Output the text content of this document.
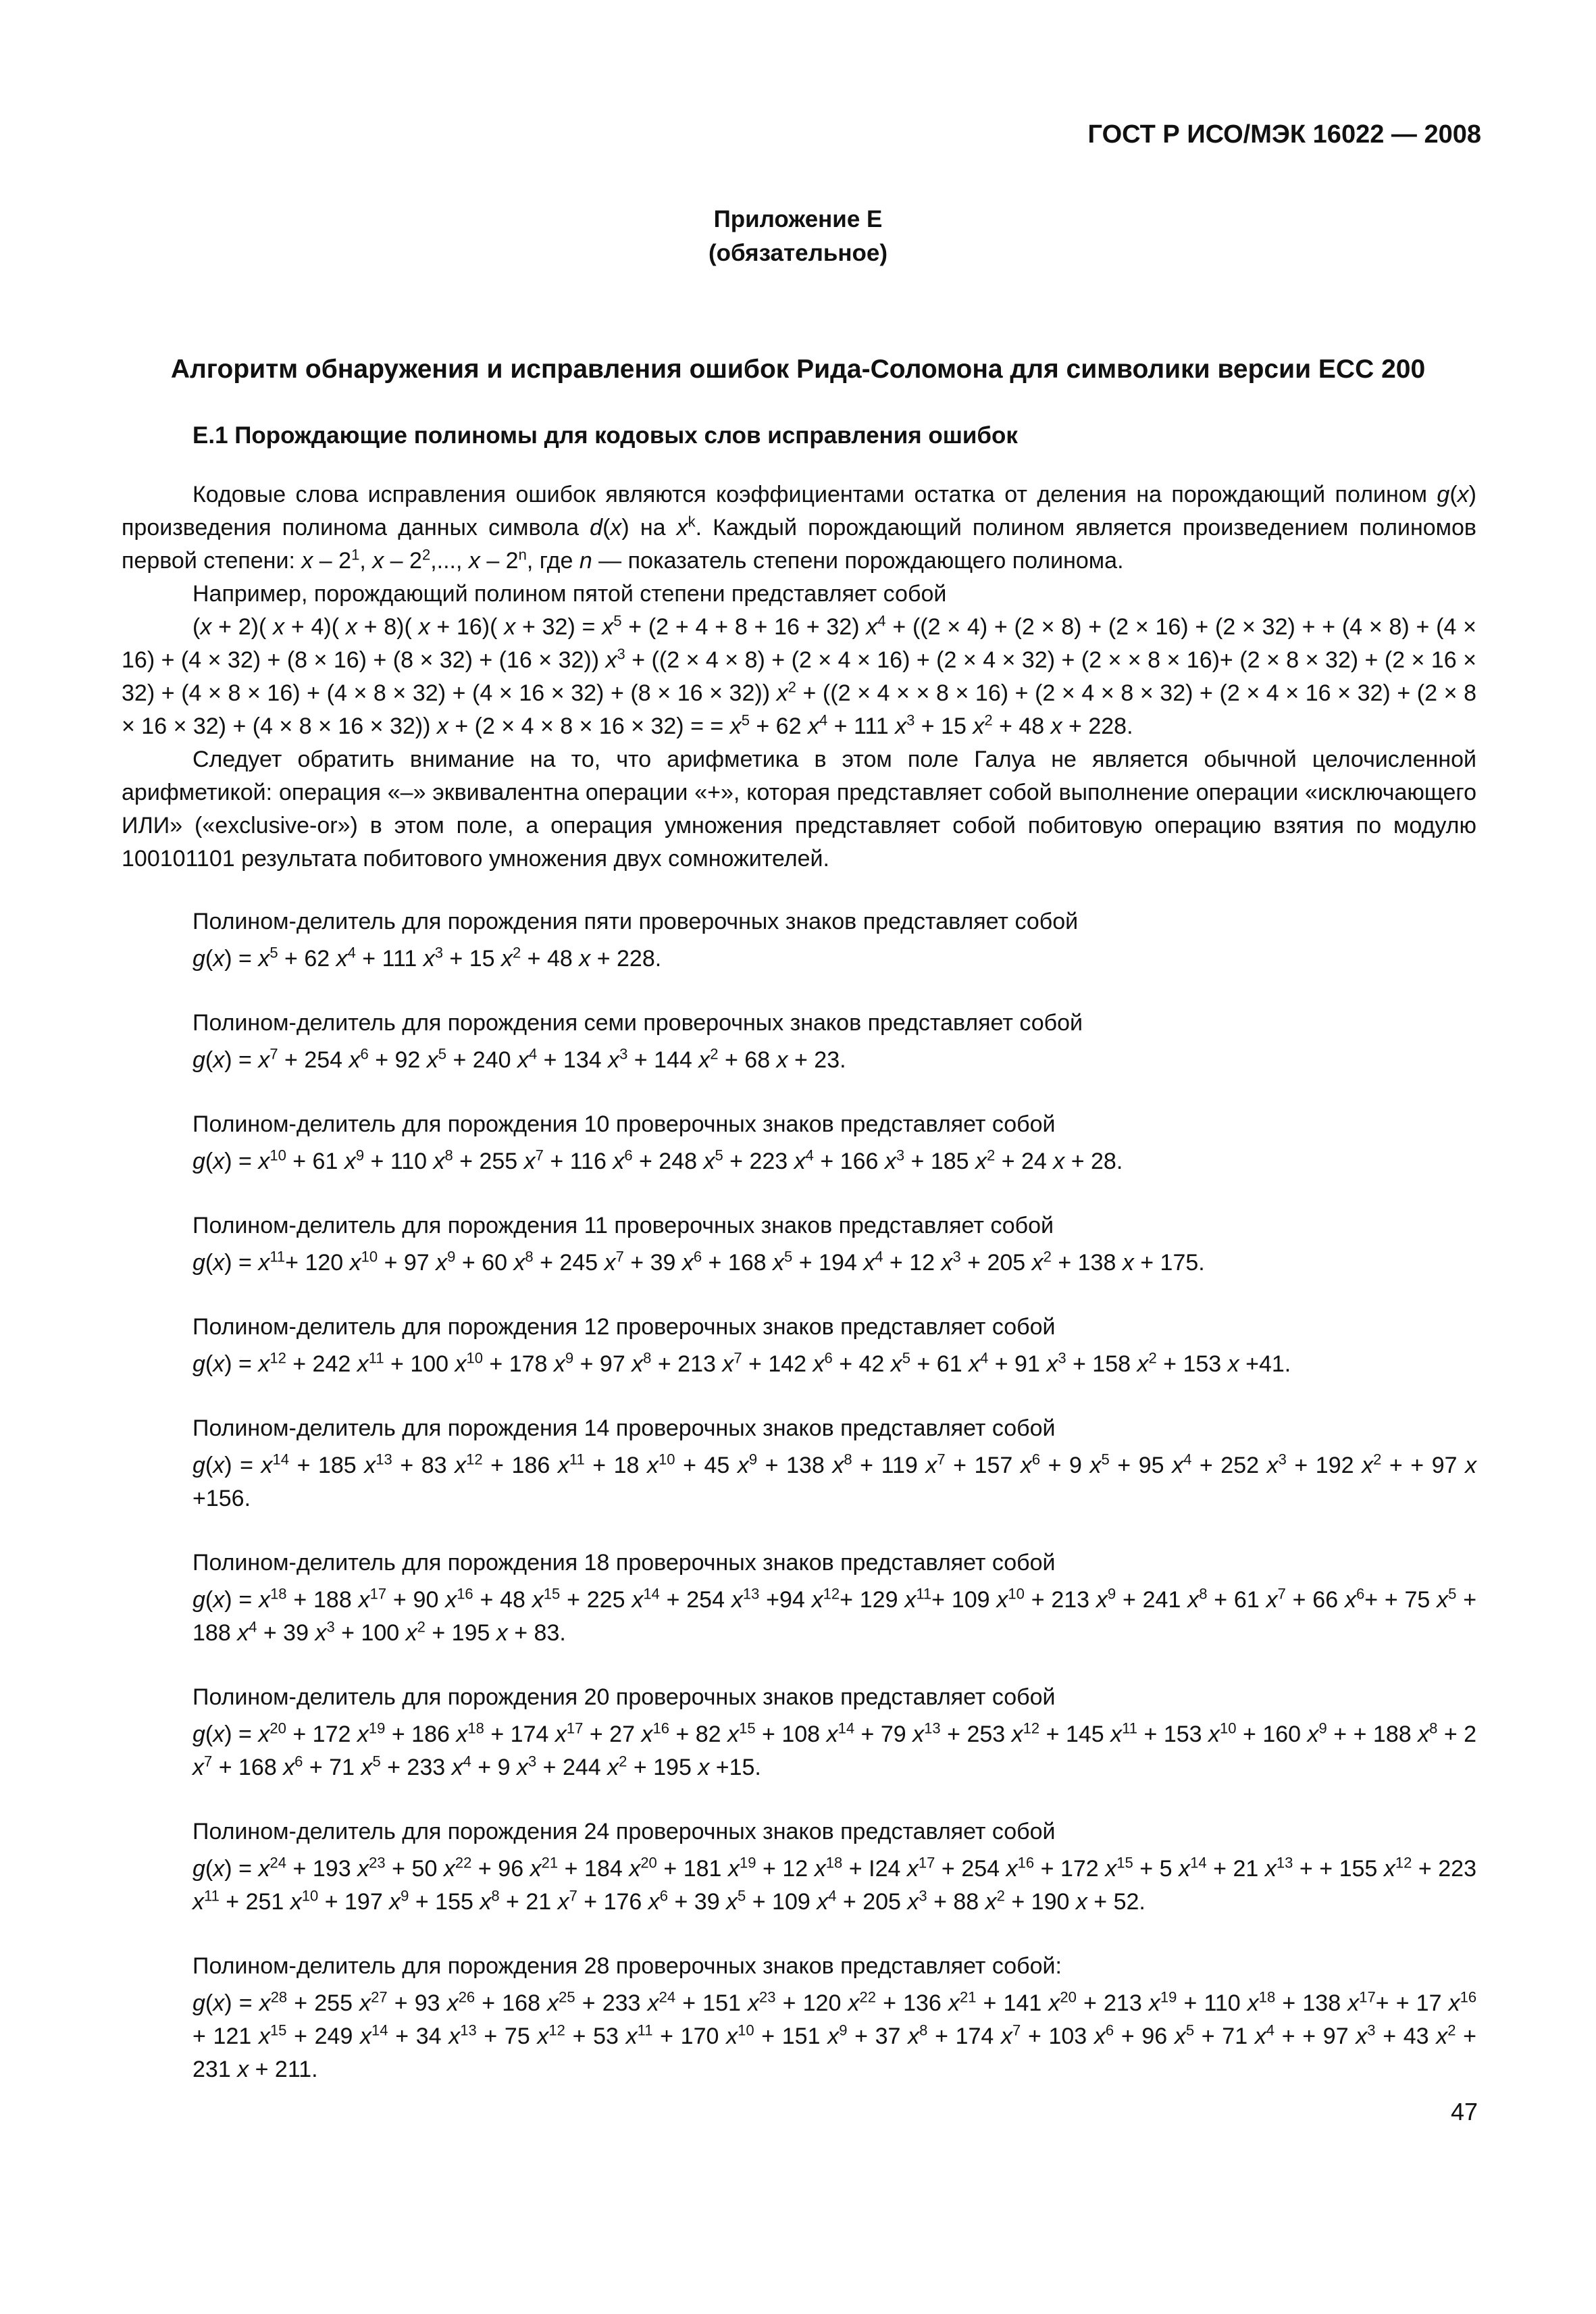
ГОСТ Р ИСО/МЭК 16022 — 2008
Приложение Е
(обязательное)
Алгоритм обнаружения и исправления ошибок Рида-Соломона для символики версии ЕСС 200
Е.1 Порождающие полиномы для кодовых слов исправления ошибок

Кодовые слова исправления ошибок являются коэффициентами остатка от деления на порождающий полином g(x) произведения полинома данных символа d(x) на $x^k$. Каждый порождающий полином является произведением полиномов первой степени: x – $2^1$, x – $2^2$,..., x – 2$^n$, где n — показатель степени порождающего полинома.

Например, порождающий полином пятой степени представляет собой

(x + 2)( x + 4)( x + 8)( x + 16)( $x + 32) = x^5 + (2 + 4 + 8 + 16 + 32) x^4 + ((2 \times 4) + (2 \times 8) + (2 \times 16) + (2 \times 32)$ + + (4 × 8) + (4 × 16) + (4 × 32) + (8 × 16) + (8 × 32) + (16 × 32)) $x^3 + ((2 \times 4 \times 8) + (2 \times 4 \times 16) + (2 \times 4 \times 32) + (2$ × × 8 × 16)+ (2 × 8 × 32) + (2 × 16 × 32) + (4 × 8 × 16) + (4 × 8 × 32) + (4 × 16 × 32) + (8 × 16 × 32)) $x^2 + ((2 \times 4$ × × 8 × 16) + (2 × 4 × 8 × 32) + (2 × 4 × 16 × 32) + (2 × 8 × 16 × 32) + (4 × 8 × 16 × 32)) x + (2 × 4 × 8 × 16 × 32) = = $x^5 + 62$ $x^4 + 111$ $x^3 + 15$ $x^2 + 48$ x + 228.

Следует обратить внимание на то, что арифметика в этом поле Галуа не является обычной целочисленной арифметикой: операция «–» эквивалентна операции «+», которая представляет собой выполнение операции «исключающего ИЛИ» («exclusive-or») в этом поле, а операция умножения представляет собой побитовую операцию взятия по модулю 100101101 результата побитового умножения двух сомножителей.

Полином-делитель для порождения пяти проверочных знаков представляет собой
$g(x) = x^5 + 62$ $x^4 + 111$ $x^3 + 15$ $x^2 + 48$ x + 228.
Полином-делитель для порождения семи проверочных знаков представляет собой
$g(x) = x^7 + 254$ $x^6 + 92$ $x^5 + 240$ $x^4 + 134$ $x^3 + 144$ $x^2 + 68$ x + 23.
Полином-делитель для порождения 10 проверочных знаков представляет собой
$g(x) = x^{10} + 61$ $x^9 + 110$ $x^8 + 255$ $x^7 + 116$ $x^6 + 248$ $x^5 + 223$ $x^4 + 166$ $x^3 + 185$ $x^2 + 24$ x + 28.
Полином-делитель для порождения 11 проверочных знаков представляет собой
$g(x) = x^{11}+ 120$ $x^{10} + 97$ $x^9 + 60$ $x^8 + 245$ $x^7 + 39$ $x^6 + 168$ $x^5 + 194$ $x^4 + 12$ $x^3 + 205$ $x^2 + 138$ x + 175.
Полином-делитель для порождения 12 проверочных знаков представляет собой
$g(x) = x^{12} + 242$ $x^{11} + 100$ $x^{10} + 178$ $x^9 + 97$ $x^8 + 213$ $x^7 + 142$ $x^6 + 42$ $x^5 + 61$ $x^4 + 91$ $x^3 + 158$ $x^2 + 153$ x +41.
Полином-делитель для порождения 14 проверочных знаков представляет собой
$g(x) = x^{14} + 185$ $x^{13} + 83$ $x^{12} + 186$ $x^{11} + 18$ $x^{10} + 45$ $x^9 + 138$ $x^8 + 119$ $x^7 + 157$ $x^6 + 9$ $x^5 + 95$ $x^4 + 252$ $x^3 + 192$ $x^2$ + + 97 x +156.
Полином-делитель для порождения 18 проверочных знаков представляет собой
$g(x) = x^{18} + 188$ $x^{17} + 90$ $x^{16} + 48$ $x^{15} + 225$ $x^{14} + 254$ $x^{13} +94$ $x^{12}+ 129$ $x^{11}+ 109$ $x^{10} + 213$ $x^9 + 241$ $x^8 + 61$ $x^7 + 66$ $x^6+ + 75$ $x^5 + 188$ $x^4 + 39$ $x^3 + 100$ $x^2 + 195$ x + 83.
Полином-делитель для порождения 20 проверочных знаков представляет собой
$g(x) = x^{20} + 172$ $x^{19} + 186$ $x^{18} + 174$ $x^{17} + 27$ $x^{16} + 82$ $x^{15} + 108$ $x^{14} + 79$ $x^{13} + 253$ $x^{12} + 145$ $x^{11} + 153$ $x^{10} + 160$ $x^9$ + + 188 $x^8 + 2$ $x^7 + 168$ $x^6 + 71$ $x^5 + 233$ $x^4 + 9$ $x^3 + 244$ $x^2 + 195$ x +15.
Полином-делитель для порождения 24 проверочных знаков представляет собой
$g(x) = x^{24} + 193$ $x^{23} + 50$ $x^{22} + 96$ $x^{21} + 184$ $x^{20} + 181$ $x^{19} + 12$ $x^{18} + I24$ $x^{17} + 254$ $x^{16} + 172$ $x^{15} + 5$ $x^{14} + 21$ $x^{13}$ + + 155 $x^{12} + 223$ $x^{11} + 251$ $x^{10} + 197$ $x^9 + 155$ $x^8 + 21$ $x^7 + 176$ $x^6 + 39$ $x^5 + 109$ $x^4 + 205$ $x^3 + 88$ $x^2 + 190$ x + 52.
Полином-делитель для порождения 28 проверочных знаков представляет собой:
$g(x) = x^{28} + 255$ $x^{27} + 93$ $x^{26} + 168$ $x^{25} + 233$ $x^{24} + 151$ $x^{23} + 120$ $x^{22} + 136$ $x^{21} + 141$ $x^{20} + 213$ $x^{19} + 110$ $x^{18} + 138$ $x^{17}+ + 17$ $x^{16} + 121$ $x^{15} + 249$ $x^{14} + 34$ $x^{13} + 75$ $x^{12} + 53$ $x^{11} + 170$ $x^{10} + 151$ $x^9 + 37$ $x^8 + 174$ $x^7 + 103$ $x^6 + 96$ $x^5 + 71$ $x^4$ + + 97 $x^3 + 43$ $x^2 + 231$ x + 211.
47
